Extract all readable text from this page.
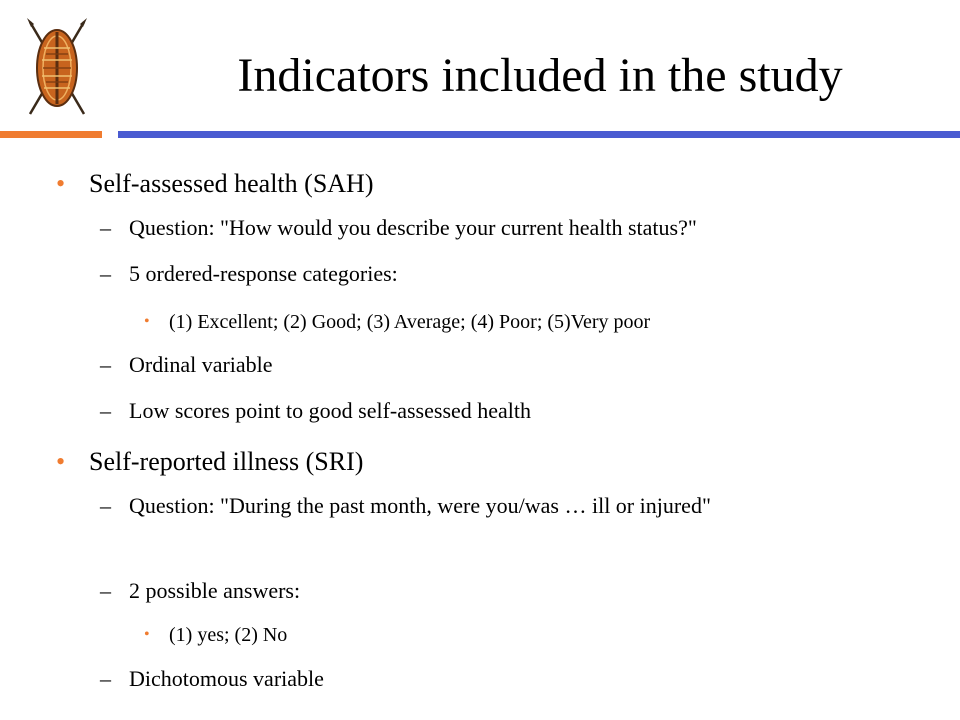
Indicators included in the study
• Self-assessed health (SAH)
– Question: "How would you describe your current health status?"
– 5 ordered-response categories:
• (1) Excellent; (2) Good; (3) Average; (4) Poor; (5)Very poor
– Ordinal variable
– Low scores point to good self-assessed health
• Self-reported illness (SRI)
– Question: "During the past month, were you/was … ill or injured"
– 2 possible answers:
• (1) yes; (2) No
– Dichotomous variable
